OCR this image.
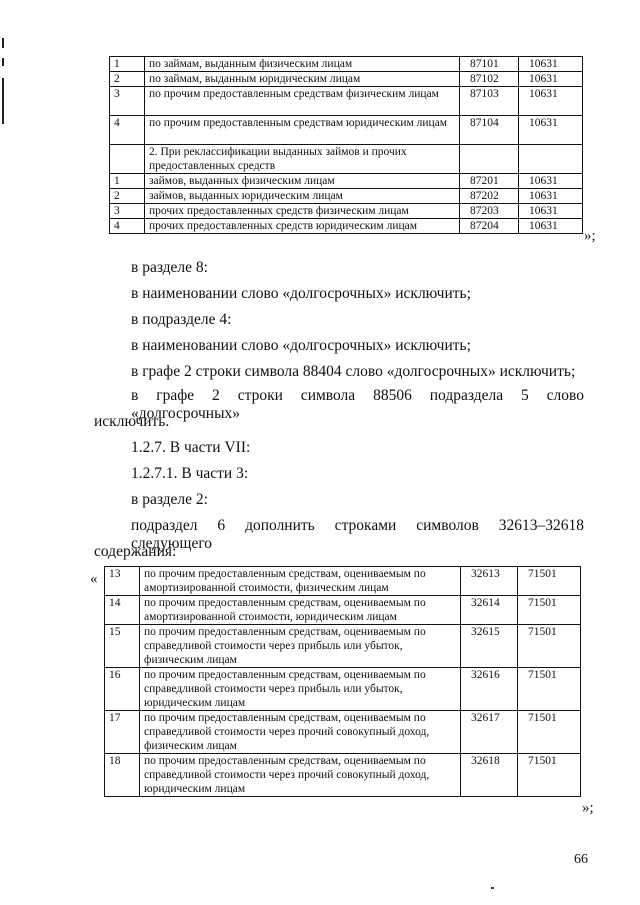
1	по займам, выданным физическим лицам	87101	10631
2	по займам, выданным юридическим лицам	87102	10631
3	по прочим предоставленным средствам физическим лицам	87103	10631
4	по прочим предоставленным средствам юридическим лицам	87104	10631
	2. При реклассификации выданных займов и прочих предоставленных средств		
1	займов, выданных физическим лицам	87201	10631
2	займов, выданных юридическим лицам	87202	10631
3	прочих предоставленных средств физическим лицам	87203	10631
4	прочих предоставленных средств юридическим лицам	87204	10631
»;
в разделе 8:
в наименовании слово «долгосрочных» исключить;
в подразделе 4:
в наименовании слово «долгосрочных» исключить;
в графе 2 строки символа 88404 слово «долгосрочных» исключить;
в графе 2 строки символа 88506 подраздела 5 слово «долгосрочных»
исключить.
1.2.7. В части VII:
1.2.7.1. В части 3:
в разделе 2:
подраздел 6 дополнить строками символов 32613–32618 следующего
содержания:
« 13	по прочим предоставленным средствам, оцениваемым по амортизированной стоимости, физическим лицам	32613	71501
14	по прочим предоставленным средствам, оцениваемым по амортизированной стоимости, юридическим лицам	32614	71501
15	по прочим предоставленным средствам, оцениваемым по справедливой стоимости через прибыль или убыток, физическим лицам	32615	71501
16	по прочим предоставленным средствам, оцениваемым по справедливой стоимости через прибыль или убыток, юридическим лицам	32616	71501
17	по прочим предоставленным средствам, оцениваемым по справедливой стоимости через прочий совокупный доход, физическим лицам	32617	71501
18	по прочим предоставленным средствам, оцениваемым по справедливой стоимости через прочий совокупный доход, юридическим лицам	32618	71501
»;
66
